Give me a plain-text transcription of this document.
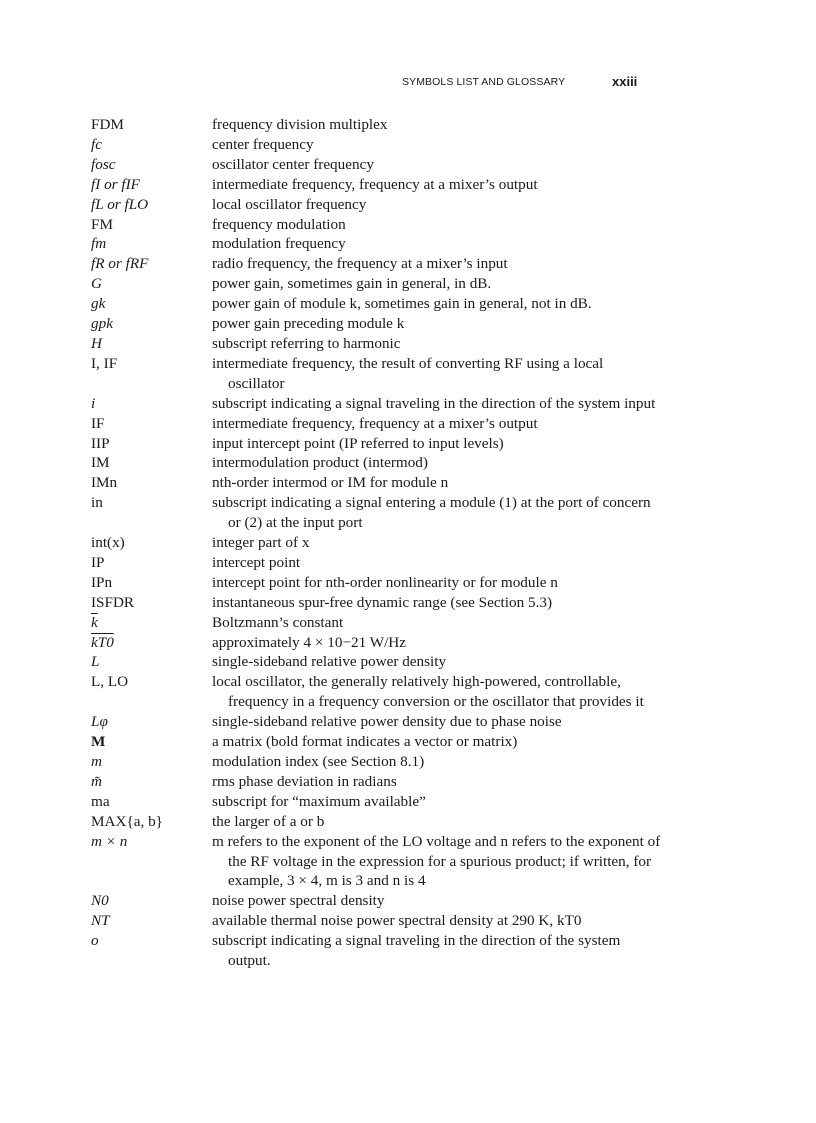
SYMBOLS LIST AND GLOSSARY	xxiii
FDM	frequency division multiplex
fc	center frequency
fosc	oscillator center frequency
fI or fIF	intermediate frequency, frequency at a mixer’s output
fL or fLO	local oscillator frequency
FM	frequency modulation
fm	modulation frequency
fR or fRF	radio frequency, the frequency at a mixer’s input
G	power gain, sometimes gain in general, in dB.
gk	power gain of module k, sometimes gain in general, not in dB.
gpk	power gain preceding module k
H	subscript referring to harmonic
I, IF	intermediate frequency, the result of converting RF using a local oscillator
i	subscript indicating a signal traveling in the direction of the system input
IF	intermediate frequency, frequency at a mixer’s output
IIP	input intercept point (IP referred to input levels)
IM	intermodulation product (intermod)
IMn	nth-order intermod or IM for module n
in	subscript indicating a signal entering a module (1) at the port of concern or (2) at the input port
int(x)	integer part of x
IP	intercept point
IPn	intercept point for nth-order nonlinearity or for module n
ISFDR	instantaneous spur-free dynamic range (see Section 5.3)
$\overline{k}$	Boltzmann’s constant
kT0	approximately 4 × 10−21 W/Hz
L	single-sideband relative power density
L, LO	local oscillator, the generally relatively high-powered, controllable, frequency in a frequency conversion or the oscillator that provides it
Lφ	single-sideband relative power density due to phase noise
M	a matrix (bold format indicates a vector or matrix)
m	modulation index (see Section 8.1)
m̃	rms phase deviation in radians
ma	subscript for “maximum available”
MAX{a, b}	the larger of a or b
m × n	m refers to the exponent of the LO voltage and n refers to the exponent of the RF voltage in the expression for a spurious product; if written, for example, 3 × 4, m is 3 and n is 4
N0	noise power spectral density
NT	available thermal noise power spectral density at 290 K, kT0
o	subscript indicating a signal traveling in the direction of the system output.
